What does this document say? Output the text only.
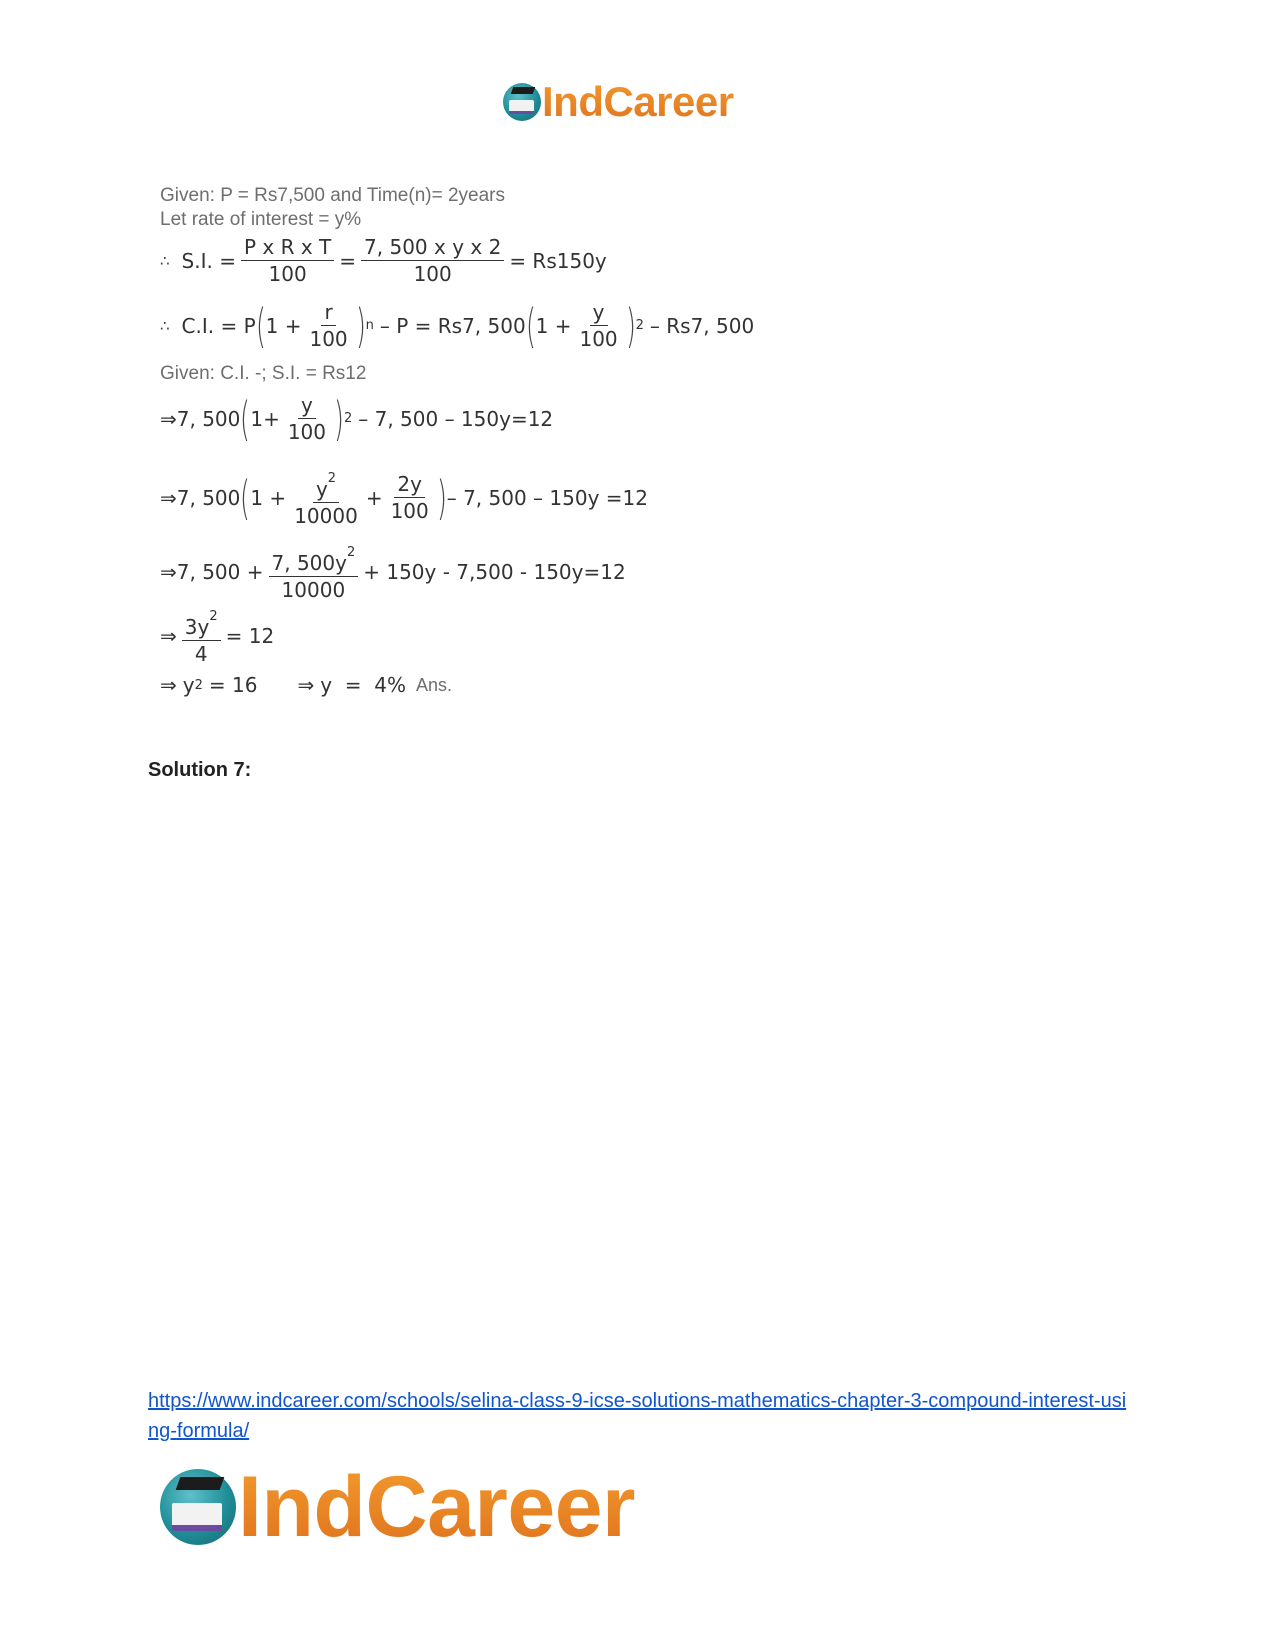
IndCareer
Given: P = Rs7,500 and Time(n)= 2years
Let rate of interest = y%
∴ S.I. = $\frac{\text{P x R x T}}{100} = \frac{\text{7, 500 x y x 2}}{100} = Rs150y$
∴ C.I. = P ( $1 + \frac{r}{100}$ ) n – P = Rs7, 500 ( $1 + \frac{y}{100}$ ) 2 – Rs7, 500
Given: C.I. -; S.I. = Rs12
⇒ 7, 500 ( $1+ \frac{y}{100}$ ) 2 – 7, 500 – 150y=12
⇒ 7, 500 ( $1 + \frac{y^2}{10000} + \frac{2y}{100}$ ) – 7, 500 – 150y =12
⇒ 7, $500 + \frac{7, 500y^2}{10000} + 150y - 7,500 - 150y=12$
⇒ $\frac{3y^2}{4} = 12$
⇒ y 2 = 16 ⇒ y  =  4% Ans.
Solution 7:
https://www.indcareer.com/schools/selina-class-9-icse-solutions-mathematics-chapter-3-compound-interest-using-formula/
IndCareer
